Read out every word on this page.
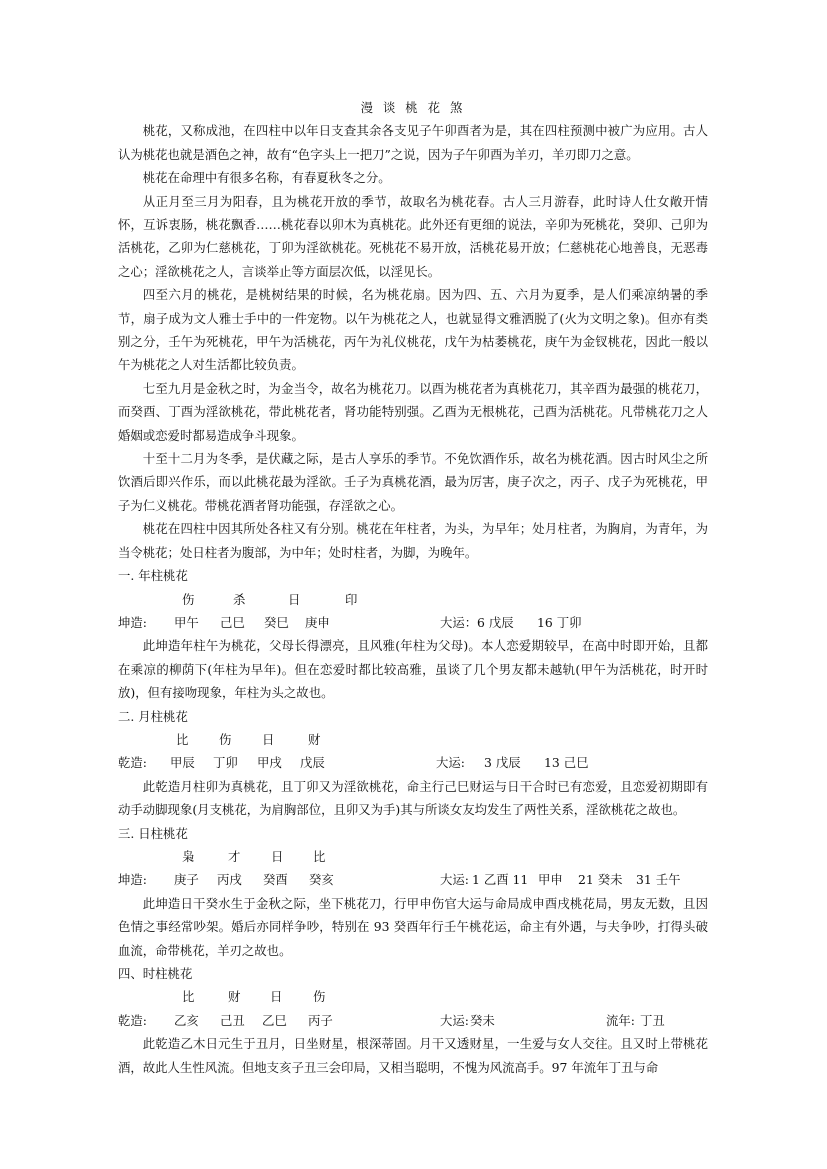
漫 谈 桃 花 煞

桃花，又称成池，在四柱中以年日支查其余各支见子午卯酉者为是，其在四柱预测中被广为应用。古人认为桃花也就是酒色之神，故有“色字头上一把刀”之说，因为子午卯酉为羊刃，羊刃即刀之意。

桃花在命理中有很多名称，有春夏秋冬之分。

从正月至三月为阳春，且为桃花开放的季节，故取名为桃花春。古人三月游春，此时诗人仕女敞开情怀，互诉衷肠，桃花飘香……桃花春以卯木为真桃花。此外还有更细的说法，辛卯为死桃花，癸卯、己卯为活桃花，乙卯为仁慈桃花，丁卯为淫欲桃花。死桃花不易开放，活桃花易开放；仁慈桃花心地善良，无恶毒之心；淫欲桃花之人，言谈举止等方面层次低，以淫见长。

四至六月的桃花，是桃树结果的时候，名为桃花扇。因为四、五、六月为夏季，是人们乘凉纳暑的季节，扇子成为文人雅士手中的一件宠物。以午为桃花之人，也就显得文雅洒脱了(火为文明之象)。但亦有类别之分，壬午为死桃花，甲午为活桃花，丙午为礼仪桃花，戊午为枯萎桃花，庚午为金钗桃花，因此一般以午为桃花之人对生活都比较负责。

七至九月是金秋之时，为金当令，故名为桃花刀。以酉为桃花者为真桃花刀，其辛酉为最强的桃花刀，而癸酉、丁酉为淫欲桃花，带此桃花者，肾功能特别强。乙酉为无根桃花，己酉为活桃花。凡带桃花刀之人婚姻或恋爱时都易造成争斗现象。

十至十二月为冬季，是伏藏之际，是古人享乐的季节。不免饮酒作乐，故名为桃花酒。因古时风尘之所饮酒后即兴作乐，而以此桃花最为淫欲。壬子为真桃花酒，最为厉害，庚子次之，丙子、戊子为死桃花，甲子为仁义桃花。带桃花酒者肾功能强，存淫欲之心。

桃花在四柱中因其所处各柱又有分别。桃花在年柱者，为头，为早年；处月柱者，为胸肩，为青年，为当令桃花；处日柱者为腹部，为中年；处时柱者，为脚，为晚年。

一. 年柱桃花

伤	杀	日	印
坤造: 甲午 己巳 癸巳 庚申	大运： 6 戊辰 16 丁卯

此坤造年柱午为桃花，父母长得漂亮，且风雅(年柱为父母)。本人恋爱期较早，在高中时即开始，且都在乘凉的柳荫下(年柱为早年)。但在恋爱时都比较高雅，虽谈了几个男友都未越轨(甲午为活桃花，时开时放)，但有接吻现象，年柱为头之故也。

二. 月柱桃花

比 伤 日	财
乾造: 甲辰 丁卯 甲戌 戊辰	大运: 3 戊辰 13 己巳

此乾造月柱卯为真桃花，且丁卯又为淫欲桃花，命主行己巳财运与日干合时已有恋爱，且恋爱初期即有动手动脚现象(月支桃花，为肩胸部位，且卯又为手)其与所谈女友均发生了两性关系，淫欲桃花之故也。

三. 日柱桃花

枭	才 日 比
坤造: 庚子 丙戌 癸酉 癸亥	大运: 1 乙酉 11 甲申 21 癸未 31 壬午

此坤造日干癸水生于金秋之际，坐下桃花刀，行甲申伤官大运与命局成申酉戌桃花局，男友无数，且因色情之事经常吵架。婚后亦同样争吵，特别在 93 癸酉年行壬午桃花运，命主有外遇，与夫争吵，打得头破血流，命带桃花，羊刃之故也。

四、时柱桃花

比	财 日 伤
乾造: 乙亥 己丑 乙巳 丙子	大运: 癸未	流年: 丁丑

此乾造乙木日元生于丑月，日坐财星，根深蒂固。月干又透财星，一生爱与女人交往。且又时上带桃花酒，故此人生性风流。但地支亥子丑三会印局，又相当聪明，不愧为风流高手。97 年流年丁丑与命
